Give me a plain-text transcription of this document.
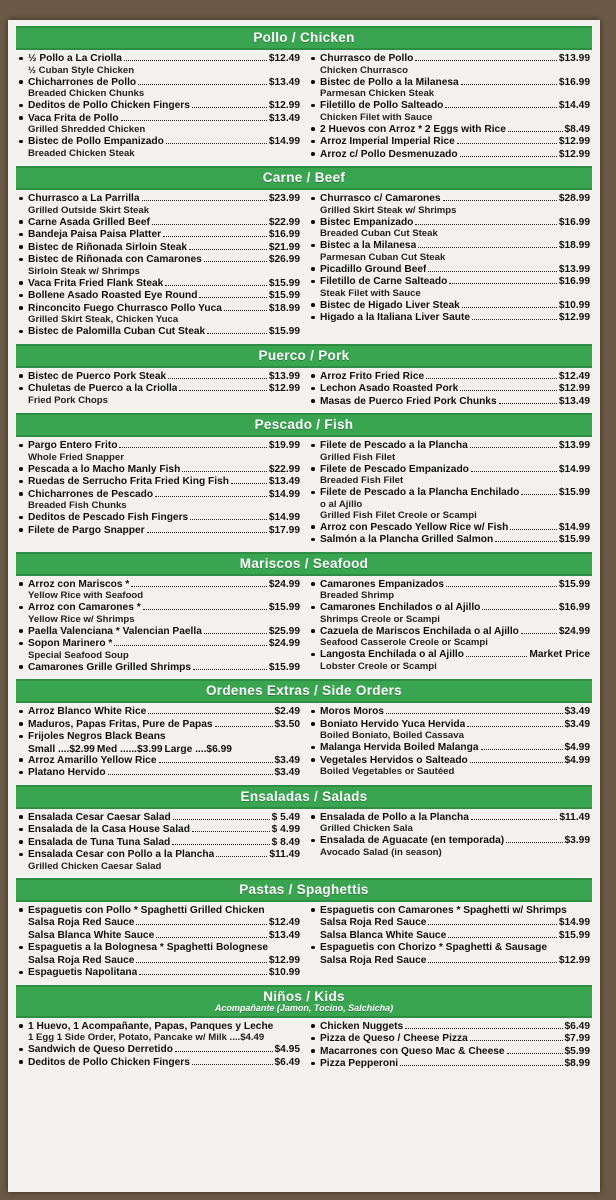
Pollo / Chicken
½ Pollo a La Criolla	$12.49
½ Cuban Style Chicken
Chicharrones de Pollo	$13.49
Breaded Chicken Chunks
Deditos de Pollo Chicken Fingers	$12.99
Vaca Frita de Pollo	$13.49
Grilled Shredded Chicken
Bistec de Pollo Empanizado	$14.99
Breaded Chicken Steak
Churrasco de Pollo	$13.99
Chicken Churrasco
Bistec de Pollo a la Milanesa	$16.99
Parmesan Chicken Steak
Filetillo de Pollo Salteado	$14.49
Chicken Filet with Sauce
2 Huevos con Arroz * 2 Eggs with Rice	$8.49
Arroz Imperial Imperial Rice	$12.99
Arroz c/ Pollo Desmenuzado	$12.99
Carne / Beef
Churrasco a La Parrilla	$23.99
Grilled Outside Skirt Steak
Carne Asada Grilled Beef	$22.99
Bandeja Paisa Paisa Platter	$16.99
Bistec de Riñonada Sirloin Steak	$21.99
Bistec de Riñonada con Camarones	$26.99
Sirloin Steak w/ Shrimps
Vaca Frita Fried Flank Steak	$15.99
Bollene Asado Roasted Eye Round	$15.99
Rinconcito Fuego Churrasco Pollo Yuca	$18.99
Grilled Skirt Steak, Chicken Yuca
Bistec de Palomilla Cuban Cut Steak	$15.99
Churrasco c/ Camarones	$28.99
Grilled Skirt Steak w/ Shrimps
Bistec Empanizado	$16.99
Breaded Cuban Cut Steak
Bistec a la Milanesa	$18.99
Parmesan Cuban Cut Steak
Picadillo Ground Beef	$13.99
Filetillo de Carne Salteado	$16.99
Steak Filet with Sauce
Bistec de Higado Liver Steak	$10.99
Higado a la Italiana Liver Saute	$12.99
Puerco / Pork
Bistec de Puerco Pork Steak	$13.99
Chuletas de Puerco a la Criolla	$12.99
Fried Pork Chops
Arroz Frito Fried Rice	$12.49
Lechon Asado Roasted Pork	$12.99
Masas de Puerco Fried Pork Chunks	$13.49
Pescado / Fish
Pargo Entero Frito	$19.99
Whole Fried Snapper
Pescada a lo Macho Manly Fish	$22.99
Ruedas de Serrucho Frita Fried King Fish	$13.49
Chicharrones de Pescado	$14.99
Breaded Fish Chunks
Deditos de Pescado Fish Fingers	$14.99
Filete de Pargo Snapper	$17.99
Filete de Pescado a la Plancha	$13.99
Grilled Fish Filet
Filete de Pescado Empanizado	$14.99
Breaded Fish Filet
Filete de Pescado a la Plancha Enchilado	$15.99
o al Ajillo
Grilled Fish Filet Creole or Scampi
Arroz con Pescado Yellow Rice w/ Fish	$14.99
Salmón a la Plancha Grilled Salmon	$15.99
Mariscos / Seafood
Arroz con Mariscos *	$24.99
Yellow Rice with Seafood
Arroz con Camarones *	$15.99
Yellow Rice w/ Shrimps
Paella Valenciana * Valencian Paella	$25.99
Sopon Marinero *	$24.99
Special Seafood Soup
Camarones Grille Grilled Shrimps	$15.99
Camarones Empanizados	$15.99
Breaded Shrimp
Camarones Enchilados o al Ajillo	$16.99
Shrimps Creole or Scampi
Cazuela de Mariscos Enchilada o al Ajillo	$24.99
Seafood Casserole Creole or Scampi
Langosta Enchilada o al Ajillo	Market Price
Lobster Creole or Scampi
Ordenes Extras / Side Orders
Arroz Blanco White Rice	$2.49
Maduros, Papas Fritas, Pure de Papas	$3.50
Frijoles Negros Black Beans
Small ....$2.99 Med ......$3.99 Large ....$6.99
Arroz Amarillo Yellow Rice	$3.49
Platano Hervido	$3.49
Moros Moros	$3.49
Boniato Hervido Yuca Hervida	$3.49
Boiled Boniato, Boiled Cassava
Malanga Hervida Boiled Malanga	$4.99
Vegetales Hervidos o Salteado	$4.99
Boiled Vegetables or Sautéed
Ensaladas / Salads
Ensalada Cesar Caesar Salad	$ 5.49
Ensalada de la Casa House Salad	$ 4.99
Ensalada de Tuna Tuna Salad	$ 8.49
Ensalada Cesar con Pollo a la Plancha	$11.49
Grilled Chicken Caesar Salad
Ensalada de Pollo a la Plancha	$11.49
Grilled Chicken Sala
Ensalada de Aguacate (en temporada)	$3.99
Avocado Salad (in season)
Pastas / Spaghettis
Espaguetis con Pollo * Spaghetti Grilled Chicken
Salsa Roja Red Sauce	$12.49
Salsa Blanca White Sauce	$13.49
Espaguetis a la Bolognesa * Spaghetti Bolognese
Salsa Roja Red Sauce	$12.99
Espaguetis Napolitana	$10.99
Espaguetis con Camarones * Spaghetti w/ Shrimps
Salsa Roja Red Sauce	$14.99
Salsa Blanca White Sauce	$15.99
Espaguetis con Chorizo * Spaghetti & Sausage
Salsa Roja Red Sauce	$12.99
Niños / Kids
Acompañante (Jamon, Tocino, Salchicha)
1 Huevo, 1 Acompañante, Papas, Panques y Leche
1 Egg 1 Side Order, Potato, Pancake w/ Milk ....$4.49
Sandwich de Queso Derretido	$4.95
Deditos de Pollo Chicken Fingers	$6.49
Chicken Nuggets	$6.49
Pizza de Queso / Cheese Pizza	$7.99
Macarrones con Queso Mac & Cheese	$5.99
Pizza Pepperoni	$8.99
